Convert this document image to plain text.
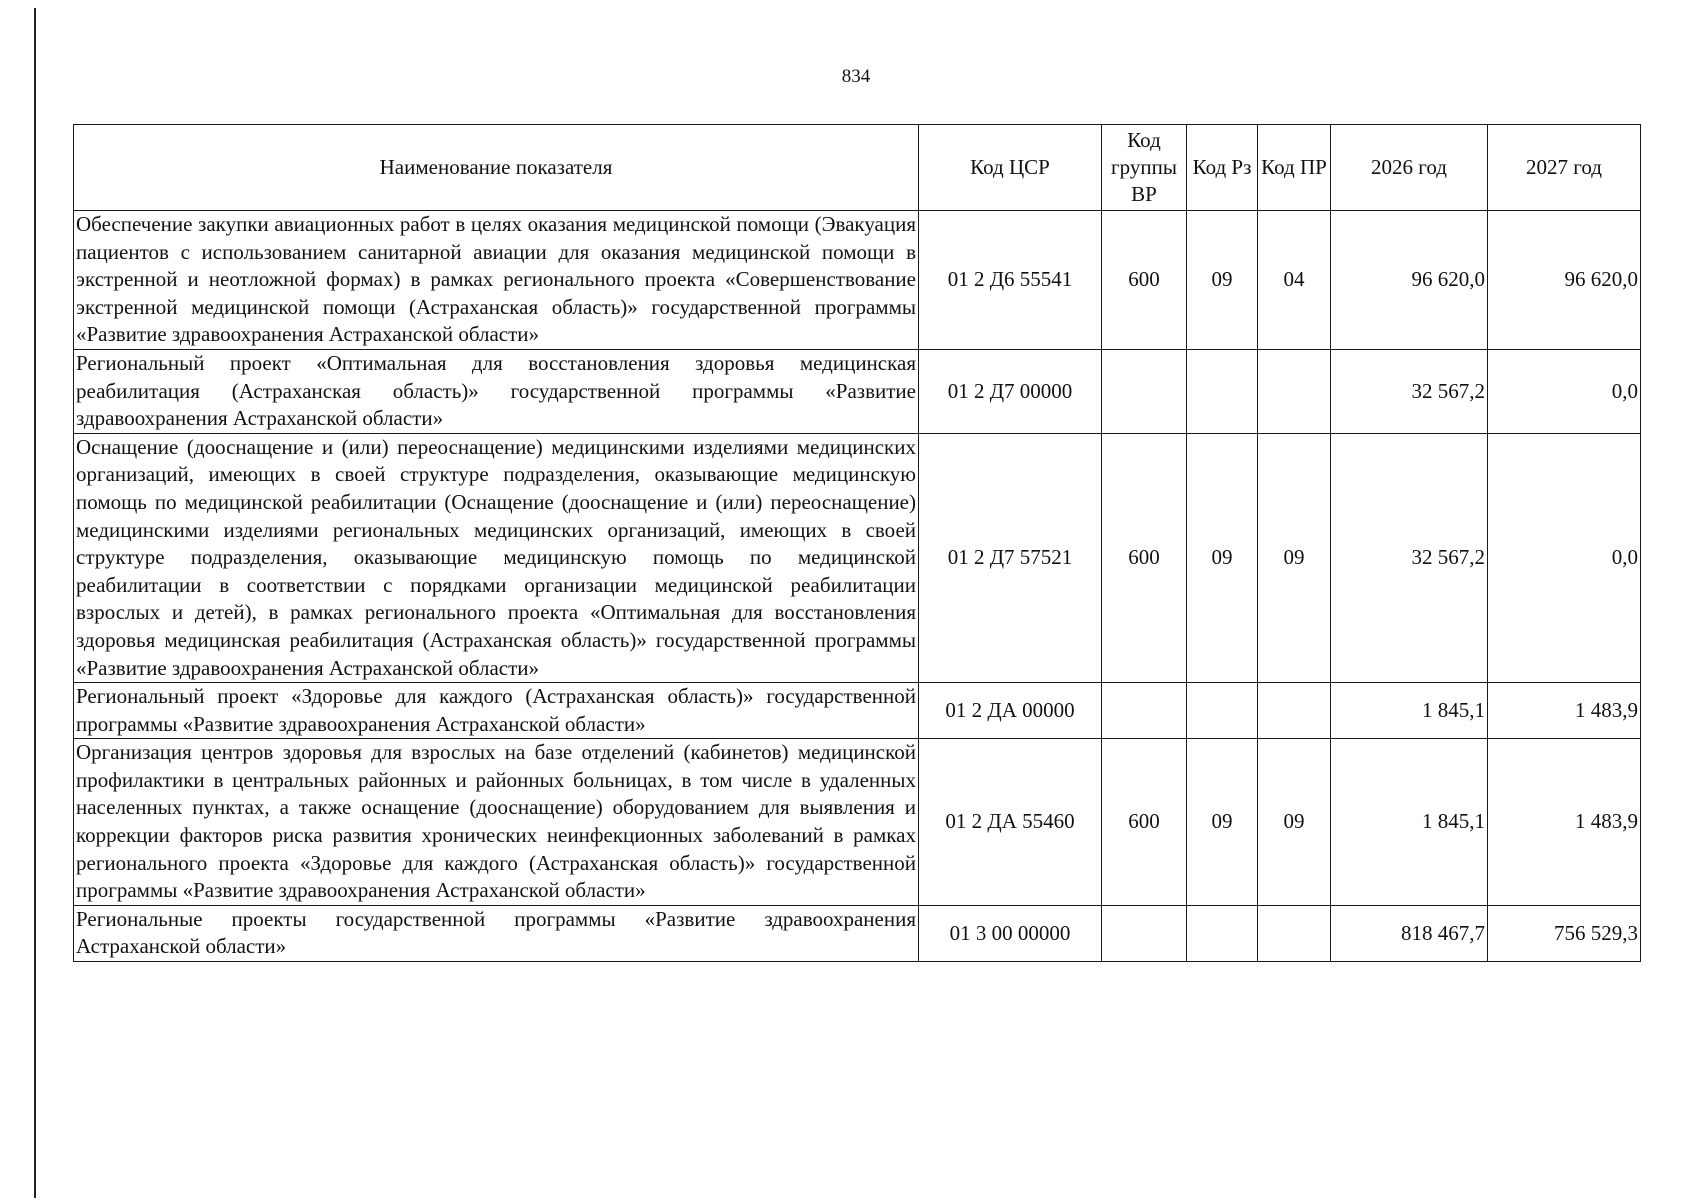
834
Наименование показателя	Код ЦСР	Код группы ВР	Код Рз	Код ПР	2026 год	2027 год
Обеспечение закупки авиационных работ в целях оказания медицинской помощи (Эвакуация пациентов с использованием санитарной авиации для оказания медицинской помощи в экстренной и неотложной формах) в рамках регионального проекта «Совершенствование экстренной медицинской помощи (Астраханская область)» государственной программы «Развитие здравоохранения Астраханской области»	01 2 Д6 55541	600	09	04	96 620,0	96 620,0
Региональный проект «Оптимальная для восстановления здоровья медицинская реабилитация (Астраханская область)» государственной программы «Развитие здравоохранения Астраханской области»	01 2 Д7 00000				32 567,2	0,0
Оснащение (дооснащение и (или) переоснащение) медицинскими изделиями медицинских организаций, имеющих в своей структуре подразделения, оказывающие медицинскую помощь по медицинской реабилитации (Оснащение (дооснащение и (или) переоснащение) медицинскими изделиями региональных медицинских организаций, имеющих в своей структуре подразделения, оказывающие медицинскую помощь по медицинской реабилитации в соответствии с порядками организации медицинской реабилитации взрослых и детей), в рамках регионального проекта «Оптимальная для восстановления здоровья медицинская реабилитация (Астраханская область)» государственной программы «Развитие здравоохранения Астраханской области»	01 2 Д7 57521	600	09	09	32 567,2	0,0
Региональный проект «Здоровье для каждого (Астраханская область)» государственной программы «Развитие здравоохранения Астраханской области»	01 2 ДА 00000				1 845,1	1 483,9
Организация центров здоровья для взрослых на базе отделений (кабинетов) медицинской профилактики в центральных районных и районных больницах, в том числе в удаленных населенных пунктах, а также оснащение (дооснащение) оборудованием для выявления и коррекции факторов риска развития хронических неинфекционных заболеваний в рамках регионального проекта «Здоровье для каждого (Астраханская область)» государственной программы «Развитие здравоохранения Астраханской области»	01 2 ДА 55460	600	09	09	1 845,1	1 483,9
Региональные проекты государственной программы «Развитие здравоохранения Астраханской области»	01 3 00 00000				818 467,7	756 529,3
